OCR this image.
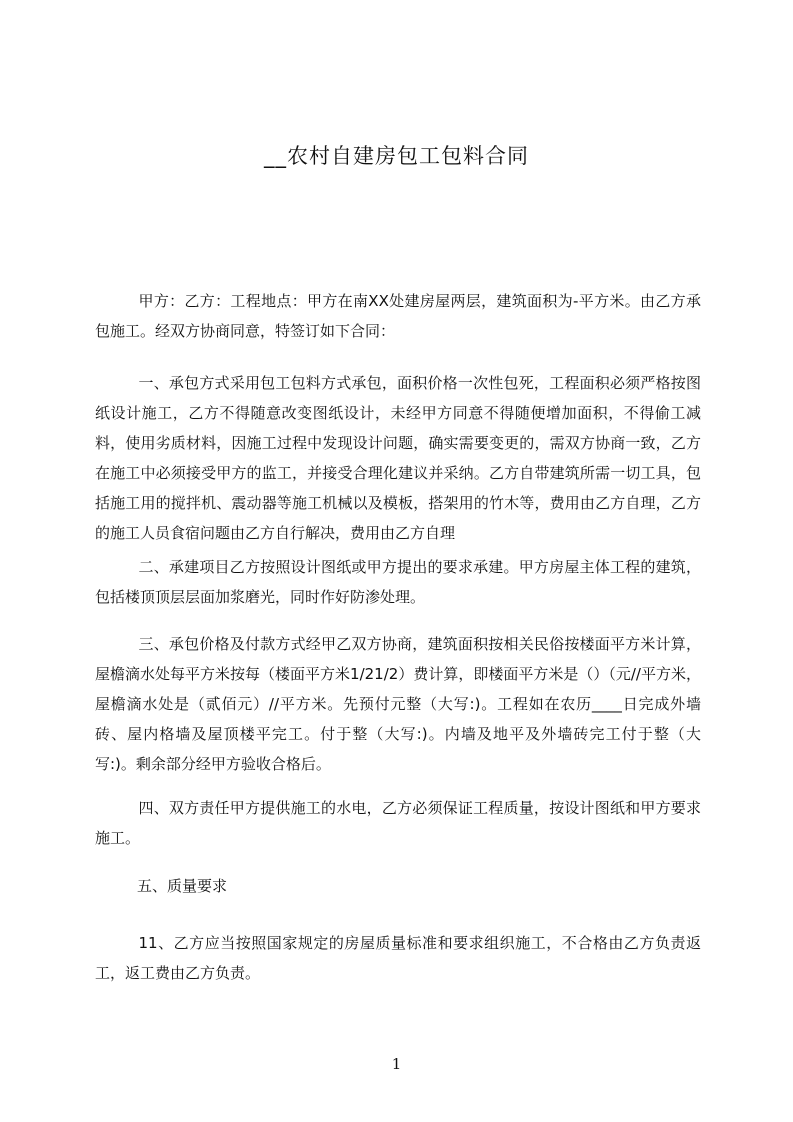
__农村自建房包工包料合同

甲方：乙方：工程地点：甲方在南XX处建房屋两层，建筑面积为-平方米。由乙方承包施工。经双方协商同意，特签订如下合同：

一、承包方式采用包工包料方式承包，面积价格一次性包死，工程面积必须严格按图纸设计施工，乙方不得随意改变图纸设计，未经甲方同意不得随便增加面积，不得偷工减料，使用劣质材料，因施工过程中发现设计问题，确实需要变更的，需双方协商一致，乙方在施工中必须接受甲方的监工，并接受合理化建议并采纳。乙方自带建筑所需一切工具，包括施工用的搅拌机、震动器等施工机械以及模板，搭架用的竹木等，费用由乙方自理，乙方的施工人员食宿问题由乙方自行解决，费用由乙方自理

二、承建项目乙方按照设计图纸或甲方提出的要求承建。甲方房屋主体工程的建筑，包括楼顶顶层层面加浆磨光，同时作好防渗处理。

三、承包价格及付款方式经甲乙双方协商，建筑面积按相关民俗按楼面平方米计算，屋檐滴水处每平方米按每（楼面平方米1/21/2）费计算，即楼面平方米是（）（元//平方米，屋檐滴水处是（贰佰元）//平方米。先预付元整（大写:)。工程如在农历____日完成外墙砖、屋内格墙及屋顶楼平完工。付于整（大写:)。内墙及地平及外墙砖完工付于整（大写:)。剩余部分经甲方验收合格后。

四、双方责任甲方提供施工的水电，乙方必须保证工程质量，按设计图纸和甲方要求施工。

五、质量要求

11、乙方应当按照国家规定的房屋质量标准和要求组织施工，不合格由乙方负责返工，返工费由乙方负责。

1
